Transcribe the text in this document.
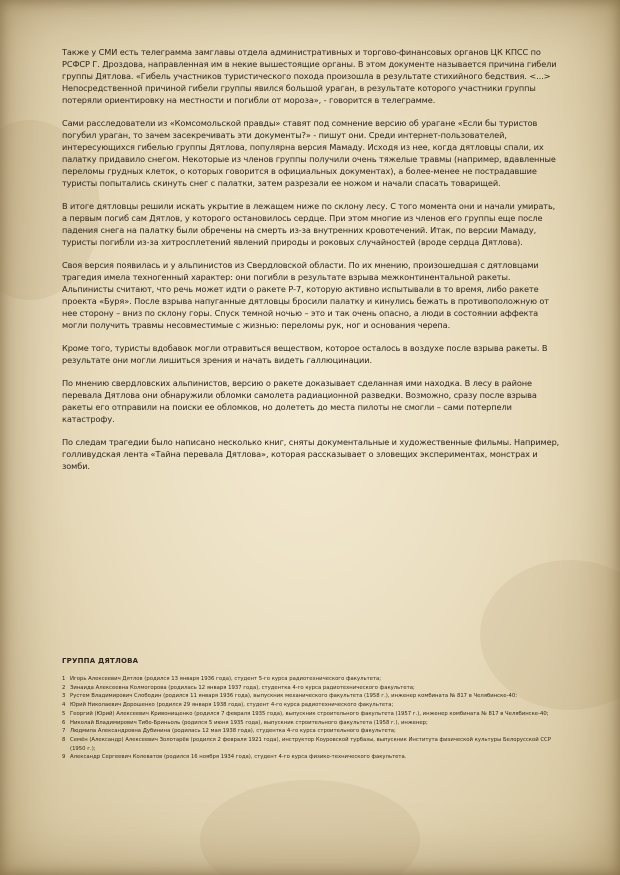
Также у СМИ есть телеграмма замглавы отдела административных и торгово-финансовых органов ЦК КПСС по РСФСР Г. Дроздова, направленная им в некие вышестоящие органы. В этом документе называется причина гибели группы Дятлова. «Гибель участников туристического похода произошла в результате стихийного бедствия. <...> Непосредственной причиной гибели группы явился большой ураган, в результате которого участники группы потеряли ориентировку на местности и погибли от мороза», - говорится в телеграмме.

Сами расследователи из «Комсомольской правды» ставят под сомнение версию об урагане «Если бы туристов погубил ураган, то зачем засекречивать эти документы?» - пишут они. Среди интернет-пользователей, интересующихся гибелью группы Дятлова, популярна версия Мамаду. Исходя из нее, когда дятловцы спали, их палатку придавило снегом. Некоторые из членов группы получили очень тяжелые травмы (например, вдавленные переломы грудных клеток, о которых говорится в официальных документах), а более-менее не пострадавшие туристы попытались скинуть снег с палатки, затем разрезали ее ножом и начали спасать товарищей.

В итоге дятловцы решили искать укрытие в лежащем ниже по склону лесу. С того момента они и начали умирать, а первым погиб сам Дятлов, у которого остановилось сердце. При этом многие из членов его группы еще после падения снега на палатку были обречены на смерть из-за внутренних кровотечений. Итак, по версии Мамаду, туристы погибли из-за хитросплетений явлений природы и роковых случайностей (вроде сердца Дятлова).

Своя версия появилась и у альпинистов из Свердловской области. По их мнению, произошедшая с дятловцами трагедия имела техногенный характер: они погибли в результате взрыва межконтинентальной ракеты. Альпинисты считают, что речь может идти о ракете Р-7, которую активно испытывали в то время, либо ракете проекта «Буря». После взрыва напуганные дятловцы бросили палатку и кинулись бежать в противоположную от нее сторону – вниз по склону горы. Спуск темной ночью – это и так очень опасно, а люди в состоянии аффекта могли получить травмы несовместимые с жизнью: переломы рук, ног и основания черепа.

Кроме того, туристы вдобавок могли отравиться веществом, которое осталось в воздухе после взрыва ракеты. В результате они могли лишиться зрения и начать видеть галлюцинации.

По мнению свердловских альпинистов, версию о ракете доказывает сделанная ими находка. В лесу в районе перевала Дятлова они обнаружили обломки самолета радиационной разведки. Возможно, сразу после взрыва ракеты его отправили на поиски ее обломков, но долететь до места пилоты не смогли – сами потерпели катастрофу.

По следам трагедии было написано несколько книг, сняты документальные и художественные фильмы. Например, голливудская лента «Тайна перевала Дятлова», которая рассказывает о зловещих экспериментах, монстрах и зомби.

ГРУППА ДЯТЛОВА
1 Игорь Алексеевич Дятлов (родился 13 января 1936 года), студент 5-го курса радиотехнического факультета;
2 Зинаида Алексеевна Колмогорова (родилась 12 января 1937 года), студентка 4-го курса радиотехнического факультета;
3 Рустем Владимирович Слободин (родился 11 января 1936 года), выпускник механического факультета (1958 г.), инженер комбината № 817 в Челябинске-40;
4 Юрий Николаевич Дорошенко (родился 29 января 1938 года), студент 4-го курса радиотехнического факультета;
5 Георгий (Юрий) Алексеевич Кривонищенко (родился 7 февраля 1935 года), выпускник строительного факультета (1957 г.), инженер комбината № 817 в Челябинске-40;
6 Николай Владимирович Тибо-Бриньоль (родился 5 июня 1935 года), выпускник строительного факультета (1958 г.), инженер;
7 Людмила Александровна Дубинина (родилась 12 мая 1938 года), студентка 4-го курса строительного факультета;
8 Семён (Александр) Алексеевич Золотарёв (родился 2 февраля 1921 года), инструктор Коуровской турбазы, выпускник Института физической культуры Белорусской ССР (1950 г.);
9 Александр Сергеевич Колеватов (родился 16 ноября 1934 года), студент 4-го курса физико-технического факультета.
